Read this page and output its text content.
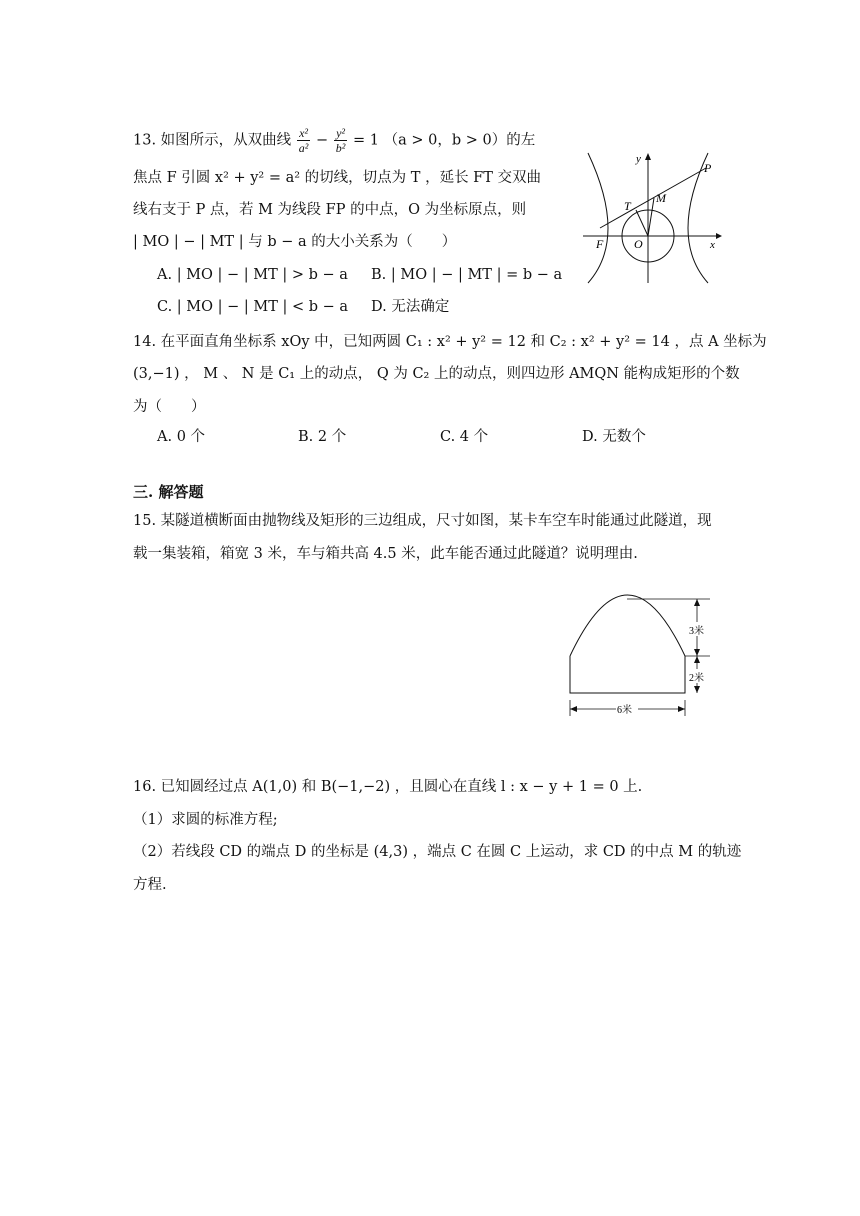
13. 如图所示，从双曲线 $\frac{\text{x²}}{\text{a²}} - \frac{\text{y²}}{\text{b²}} = 1$ （a > 0，b > 0）的左
焦点 F 引圆 x² + y² = a² 的切线，切点为 T ，延长 FT 交双曲
线右支于 P 点，若 M 为线段 FP 的中点，O 为坐标原点，则
| MO | − | MT | 与 b − a 的大小关系为（　　）
A. | MO | − | MT | > b − a B. | MO | − | MT | = b − a
C. | MO | − | MT | < b − a D. 无法确定
y
x
P
M
T
F	O
14. 在平面直角坐标系 xOy 中，已知两圆 C₁ : x² + y² = 12 和 C₂ : x² + y² = 14 ，点 A 坐标为
(3,−1) ， M 、 N 是 C₁ 上的动点， Q 为 C₂ 上的动点，则四边形 AMQN 能构成矩形的个数
为（　　）
A. 0 个	B. 2 个	C. 4 个	D. 无数个
三. 解答题
15. 某隧道横断面由抛物线及矩形的三边组成，尺寸如图，某卡车空车时能通过此隧道，现
载一集装箱，箱宽 3 米，车与箱共高 4.5 米，此车能否通过此隧道？说明理由.
3米
2米
6米
16. 已知圆经过点 A(1,0) 和 B(−1,−2) ，且圆心在直线 l : x − y + 1 = 0 上.
（1）求圆的标准方程;
（2）若线段 CD 的端点 D 的坐标是 (4,3) ，端点 C 在圆 C 上运动，求 CD 的中点 M 的轨迹
方程.
